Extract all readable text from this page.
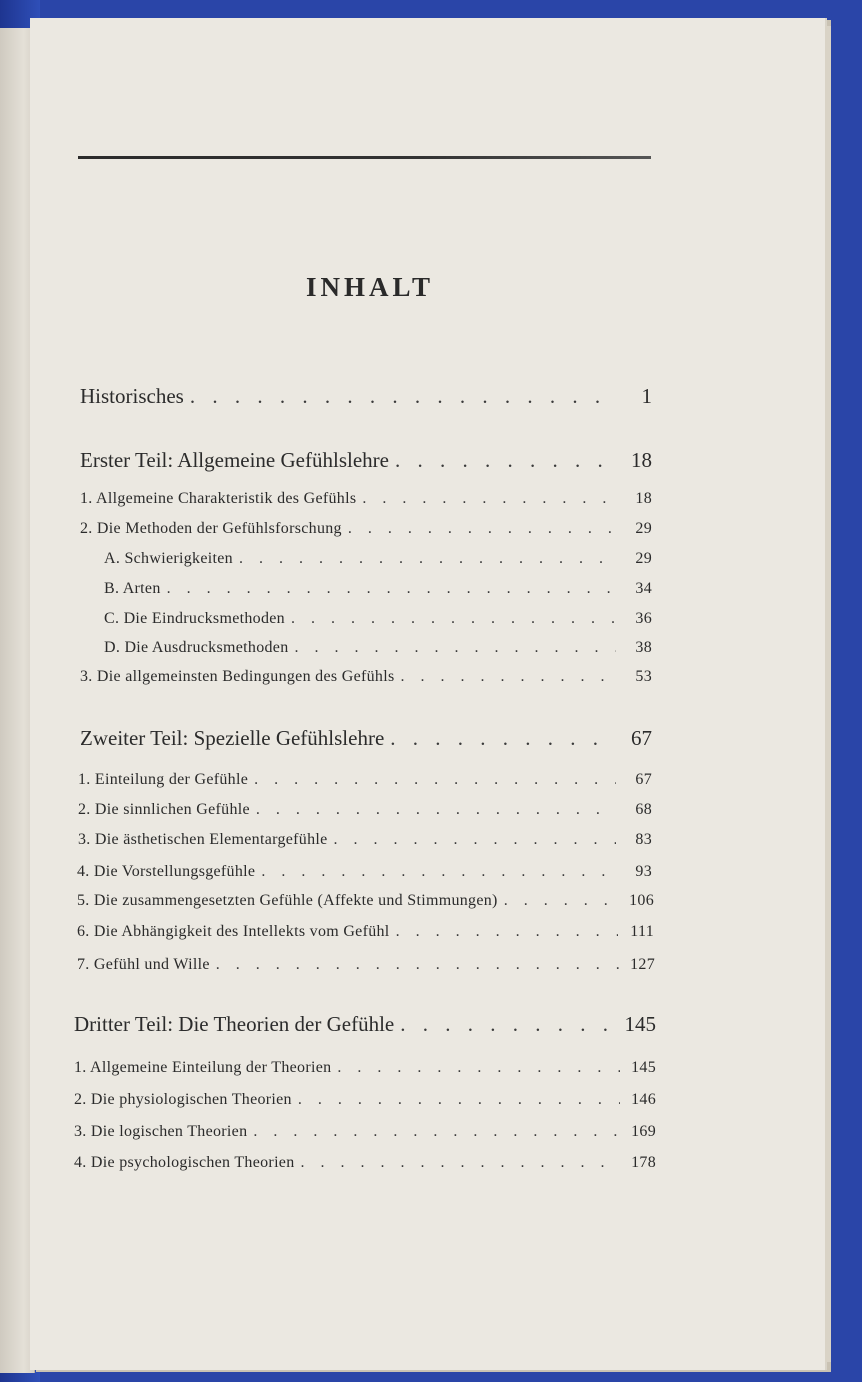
INHALT
Historisches . . .	1
Erster Teil: Allgemeine Gefühlslehre . . .	18
1. Allgemeine Charakteristik des Gefühls . . .	18
2. Die Methoden der Gefühlsforschung . . .	29
A. Schwierigkeiten . . .	29
B. Arten . . .	34
C. Die Eindrucksmethoden . . .	36
D. Die Ausdrucksmethoden . . .	38
3. Die allgemeinsten Bedingungen des Gefühls . . .	53
Zweiter Teil: Spezielle Gefühlslehre . . .	67
1. Einteilung der Gefühle . . .	67
2. Die sinnlichen Gefühle . . .	68
3. Die ästhetischen Elementargefühle . . .	83
4. Die Vorstellungsgefühle . . .	93
5. Die zusammengesetzten Gefühle (Affekte und Stimmungen) . . .	106
6. Die Abhängigkeit des Intellekts vom Gefühl . . .	111
7. Gefühl und Wille . . .	127
Dritter Teil: Die Theorien der Gefühle . . .	145
1. Allgemeine Einteilung der Theorien . . .	145
2. Die physiologischen Theorien . . .	146
3. Die logischen Theorien . . .	169
4. Die psychologischen Theorien . . .	178
